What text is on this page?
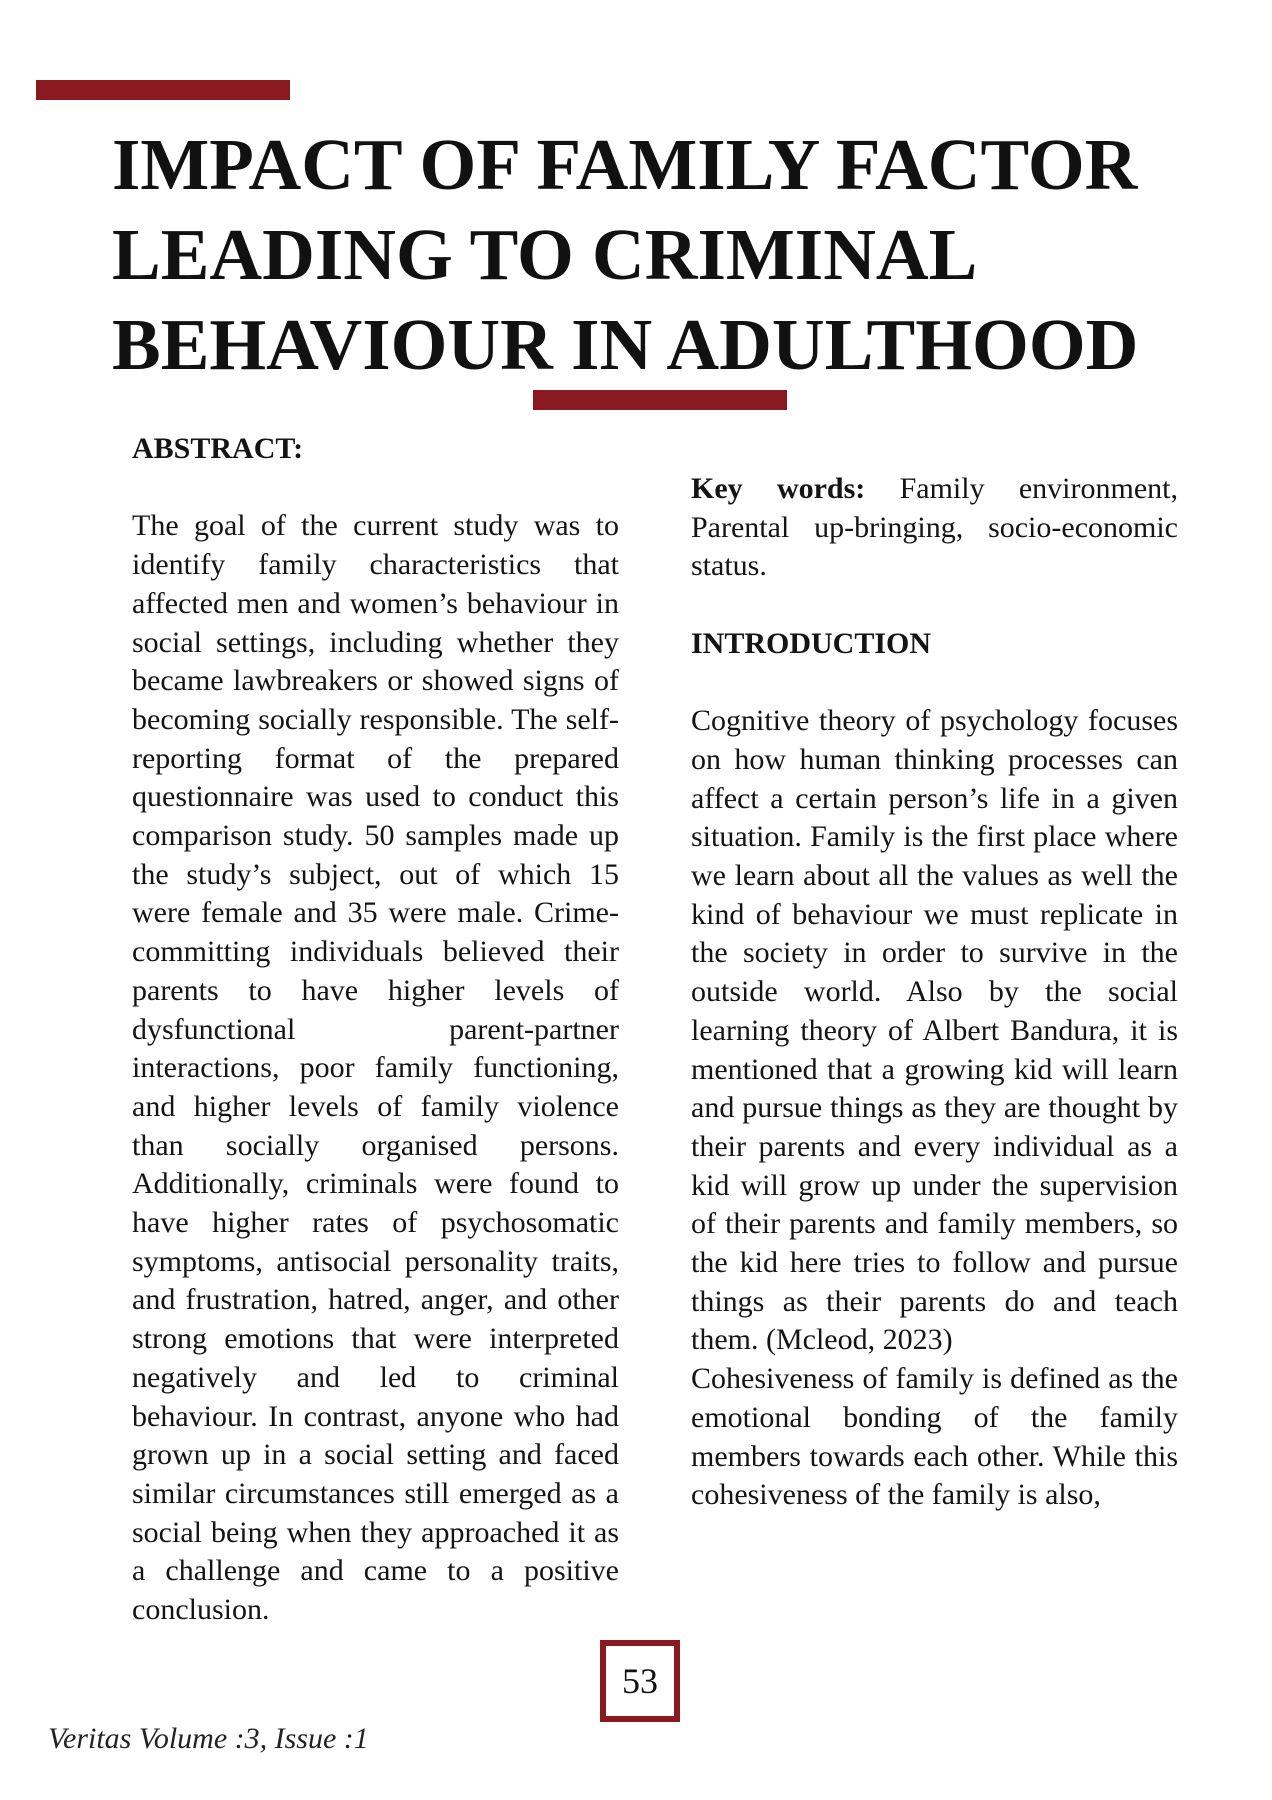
IMPACT OF FAMILY FACTOR
LEADING TO CRIMINAL
BEHAVIOUR IN ADULTHOOD

ABSTRACT:

The goal of the current study was to identify family characteristics that affected men and women’s behaviour in social settings, including whether they became lawbreakers or showed signs of becoming socially responsible. The self-reporting format of the prepared questionnaire was used to conduct this comparison study. 50 samples made up the study’s subject, out of which 15 were female and 35 were male. Crime-committing individuals believed their parents to have higher levels of dysfunctional parent-partner interactions, poor family functioning, and higher levels of family violence than socially organised persons. Additionally, criminals were found to have higher rates of psychosomatic symptoms, antisocial personality traits, and frustration, hatred, anger, and other strong emotions that were interpreted negatively and led to criminal behaviour. In contrast, anyone who had grown up in a social setting and faced similar circumstances still emerged as a social being when they approached it as a challenge and came to a positive conclusion.

Key words: Family environment, Parental up-bringing, socio-economic status.

INTRODUCTION

Cognitive theory of psychology focuses on how human thinking processes can affect a certain person’s life in a given situation. Family is the first place where we learn about all the values as well the kind of behaviour we must replicate in the society in order to survive in the outside world. Also by the social learning theory of Albert Bandura, it is mentioned that a growing kid will learn and pursue things as they are thought by their parents and every individual as a kid will grow up under the supervision of their parents and family members, so the kid here tries to follow and pursue things as their parents do and teach them. (Mcleod, 2023)

Cohesiveness of family is defined as the emotional bonding of the family members towards each other. While this cohesiveness of the family is also,

53
Veritas Volume :3, Issue :1
